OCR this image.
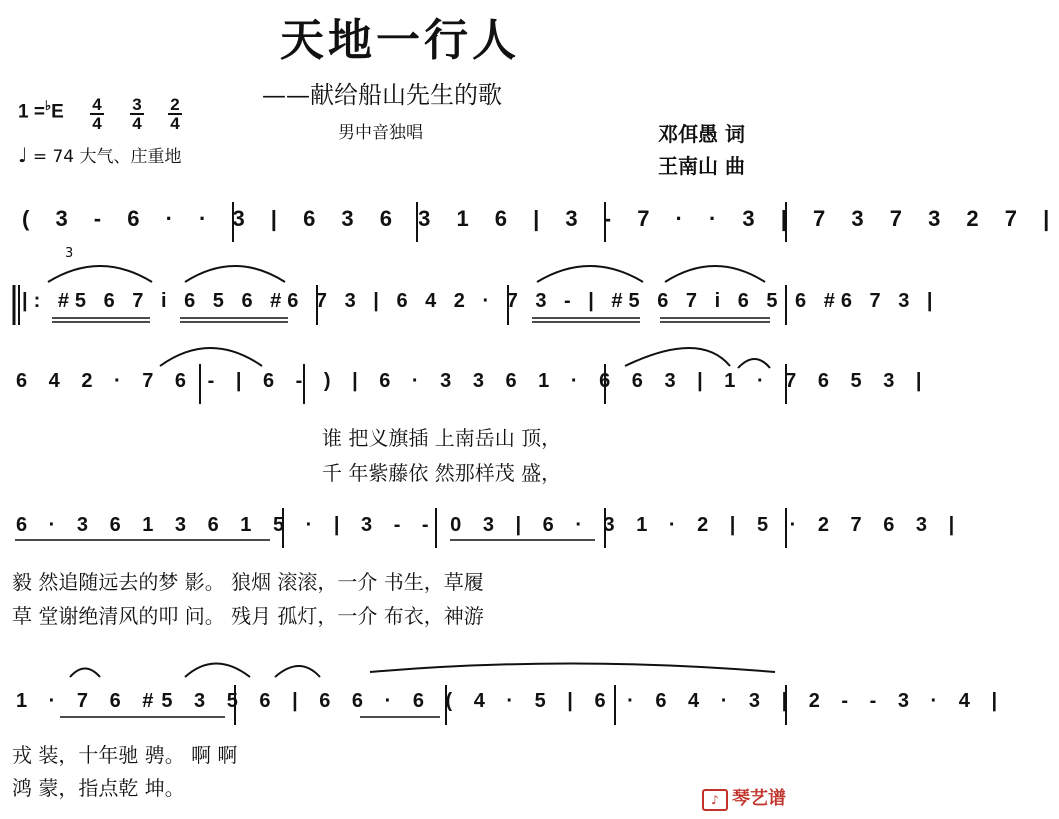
天地一行人
——献给船山先生的歌
男中音独唱	邓佴愚 词
王南山 曲
1 =♭E 4
4
3
4
2
4
♩ = 74 大气、庄重地
( 3 - 6 · · 3 | 6 3 6 3 1 6 | 3 - 7 · · 3 | 7 3 7 3 2 7 |
|: #5 6 7 i 6 5 6 #6 7 3 | 6 4 2 · 7 3 - | #5 6 7 i 6 5 6 #6 7 3 |
6 4 2 · 7 6 - | 6 - ) | 6 · 3 3 6 1 · 6 6 3 | 1 · 7 6 5 3 |
6 · 3 6 1 3 6 1 5 · | 3 - - 0 3 | 6 · 3 1 · 2 | 5 · 2 7 6 3 |
1 · 7 6 #5 3 5 6 | 6 6 · 6 ( 4 · 5 | 6 · 6 4 · 3 | 2 - - 3 · 4 |
3
谁 把义旗插 上南岳山 顶，
千 年紫藤依 然那样茂 盛，
毅 然追随远去的梦 影。 狼烟 滚滚，一介 书生，草履
草 堂谢绝清风的叩 问。 残月 孤灯，一介 布衣，神游
戎 装，十年驰 骋。 啊 啊
鸿 蒙，指点乾 坤。	♪ 琴艺谱
